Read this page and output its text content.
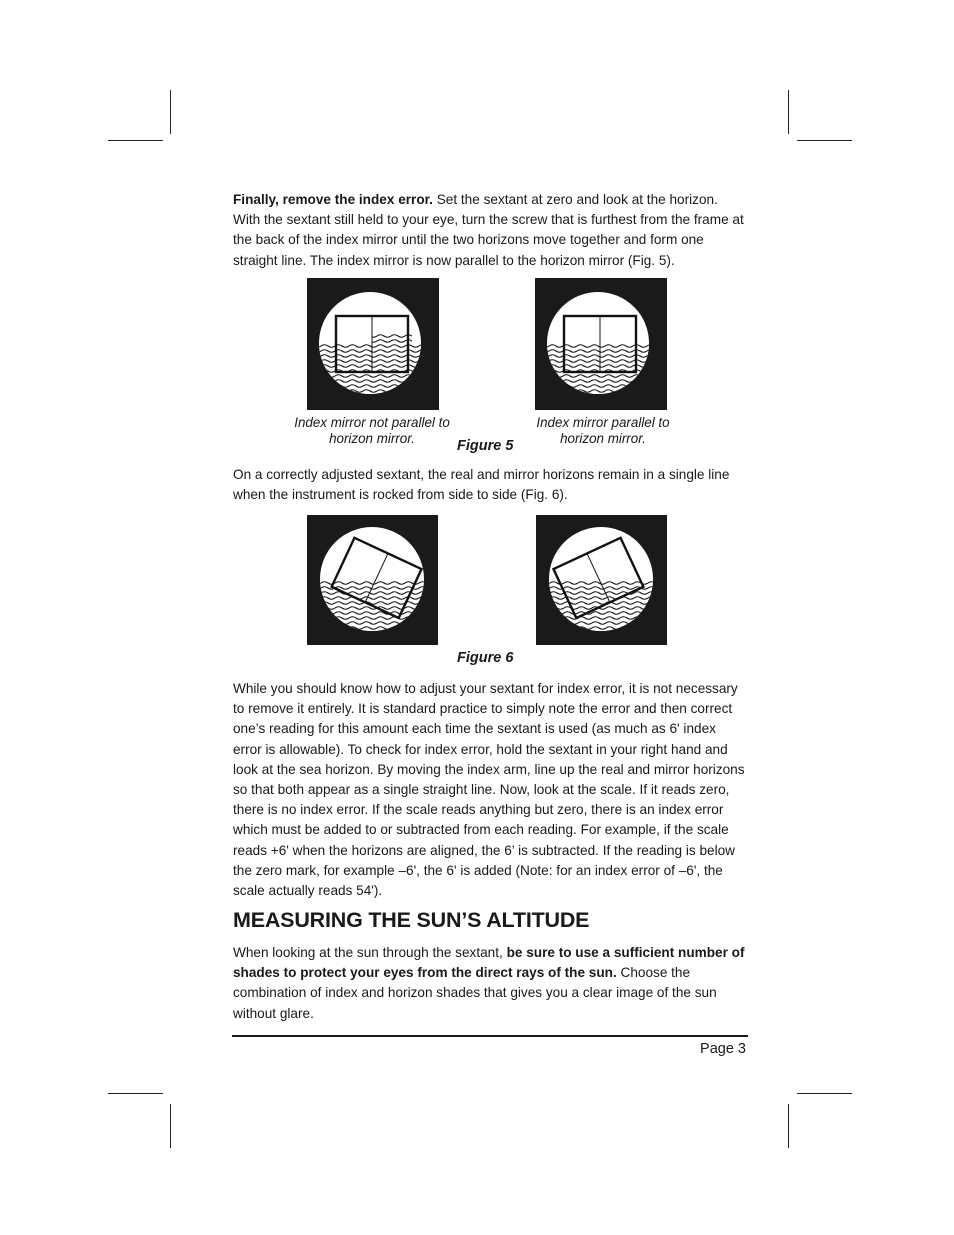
Finally, remove the index error. Set the sextant at zero and look at the horizon. With the sextant still held to your eye, turn the screw that is furthest from the frame at the back of the index mirror until the two horizons move together and form one straight line. The index mirror is now parallel to the horizon mirror (Fig. 5).

Index mirror not parallel to horizon mirror.
Index mirror parallel to horizon mirror.
Figure 5

On a correctly adjusted sextant, the real and mirror horizons remain in a single line when the instrument is rocked from side to side (Fig. 6).

Figure 6

While you should know how to adjust your sextant for index error, it is not necessary to remove it entirely. It is standard practice to simply note the error and then correct one’s reading for this amount each time the sextant is used (as much as 6' index error is allowable). To check for index error, hold the sextant in your right hand and look at the sea horizon. By moving the index arm, line up the real and mirror horizons so that both appear as a single straight line. Now, look at the scale. If it reads zero, there is no index error. If the scale reads anything but zero, there is an index error which must be added to or subtracted from each reading. For example, if the scale reads +6' when the horizons are aligned, the 6’ is subtracted. If the reading is below the zero mark, for example –6', the 6' is added (Note: for an index error of –6', the scale actually reads 54').

MEASURING THE SUN’S ALTITUDE

When looking at the sun through the sextant, be sure to use a sufficient number of shades to protect your eyes from the direct rays of the sun. Choose the combination of index and horizon shades that gives you a clear image of the sun without glare.

Page 3
